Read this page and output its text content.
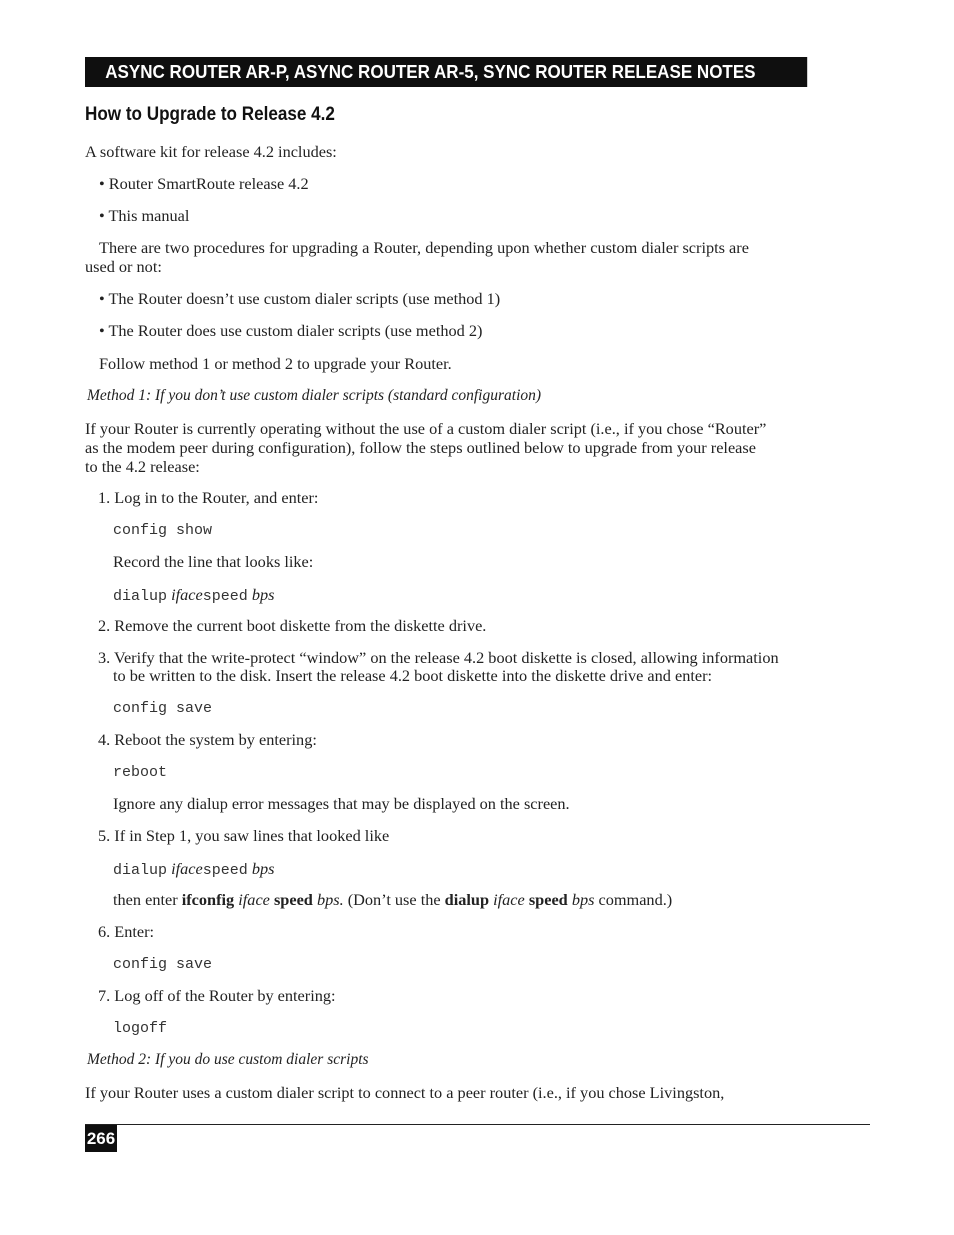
ASYNC ROUTER AR-P, ASYNC ROUTER AR-5, SYNC ROUTER RELEASE NOTES
How to Upgrade to Release 4.2
A software kit for release 4.2 includes:
• Router SmartRoute release 4.2
• This manual
There are two procedures for upgrading a Router, depending upon whether custom dialer scripts are
used or not:
• The Router doesn’t use custom dialer scripts (use method 1)
• The Router does use custom dialer scripts (use method 2)
Follow method 1 or method 2 to upgrade your Router.
Method 1: If you don’t use custom dialer scripts (standard configuration)
If your Router is currently operating without the use of a custom dialer script (i.e., if you chose “Router”
as the modem peer during configuration), follow the steps outlined below to upgrade from your release
to the 4.2 release:
1. Log in to the Router, and enter:
config show
Record the line that looks like:
dialup ifacespeed bps
2. Remove the current boot diskette from the diskette drive.
3. Verify that the write-protect “window” on the release 4.2 boot diskette is closed, allowing information
to be written to the disk. Insert the release 4.2 boot diskette into the diskette drive and enter:
config save
4. Reboot the system by entering:
reboot
Ignore any dialup error messages that may be displayed on the screen.
5. If in Step 1, you saw lines that looked like
dialup ifacespeed bps
then enter ifconfig iface speed bps. (Don’t use the dialup iface speed bps command.)
6. Enter:
config save
7. Log off of the Router by entering:
logoff
Method 2: If you do use custom dialer scripts
If your Router uses a custom dialer script to connect to a peer router (i.e., if you chose Livingston,
266
